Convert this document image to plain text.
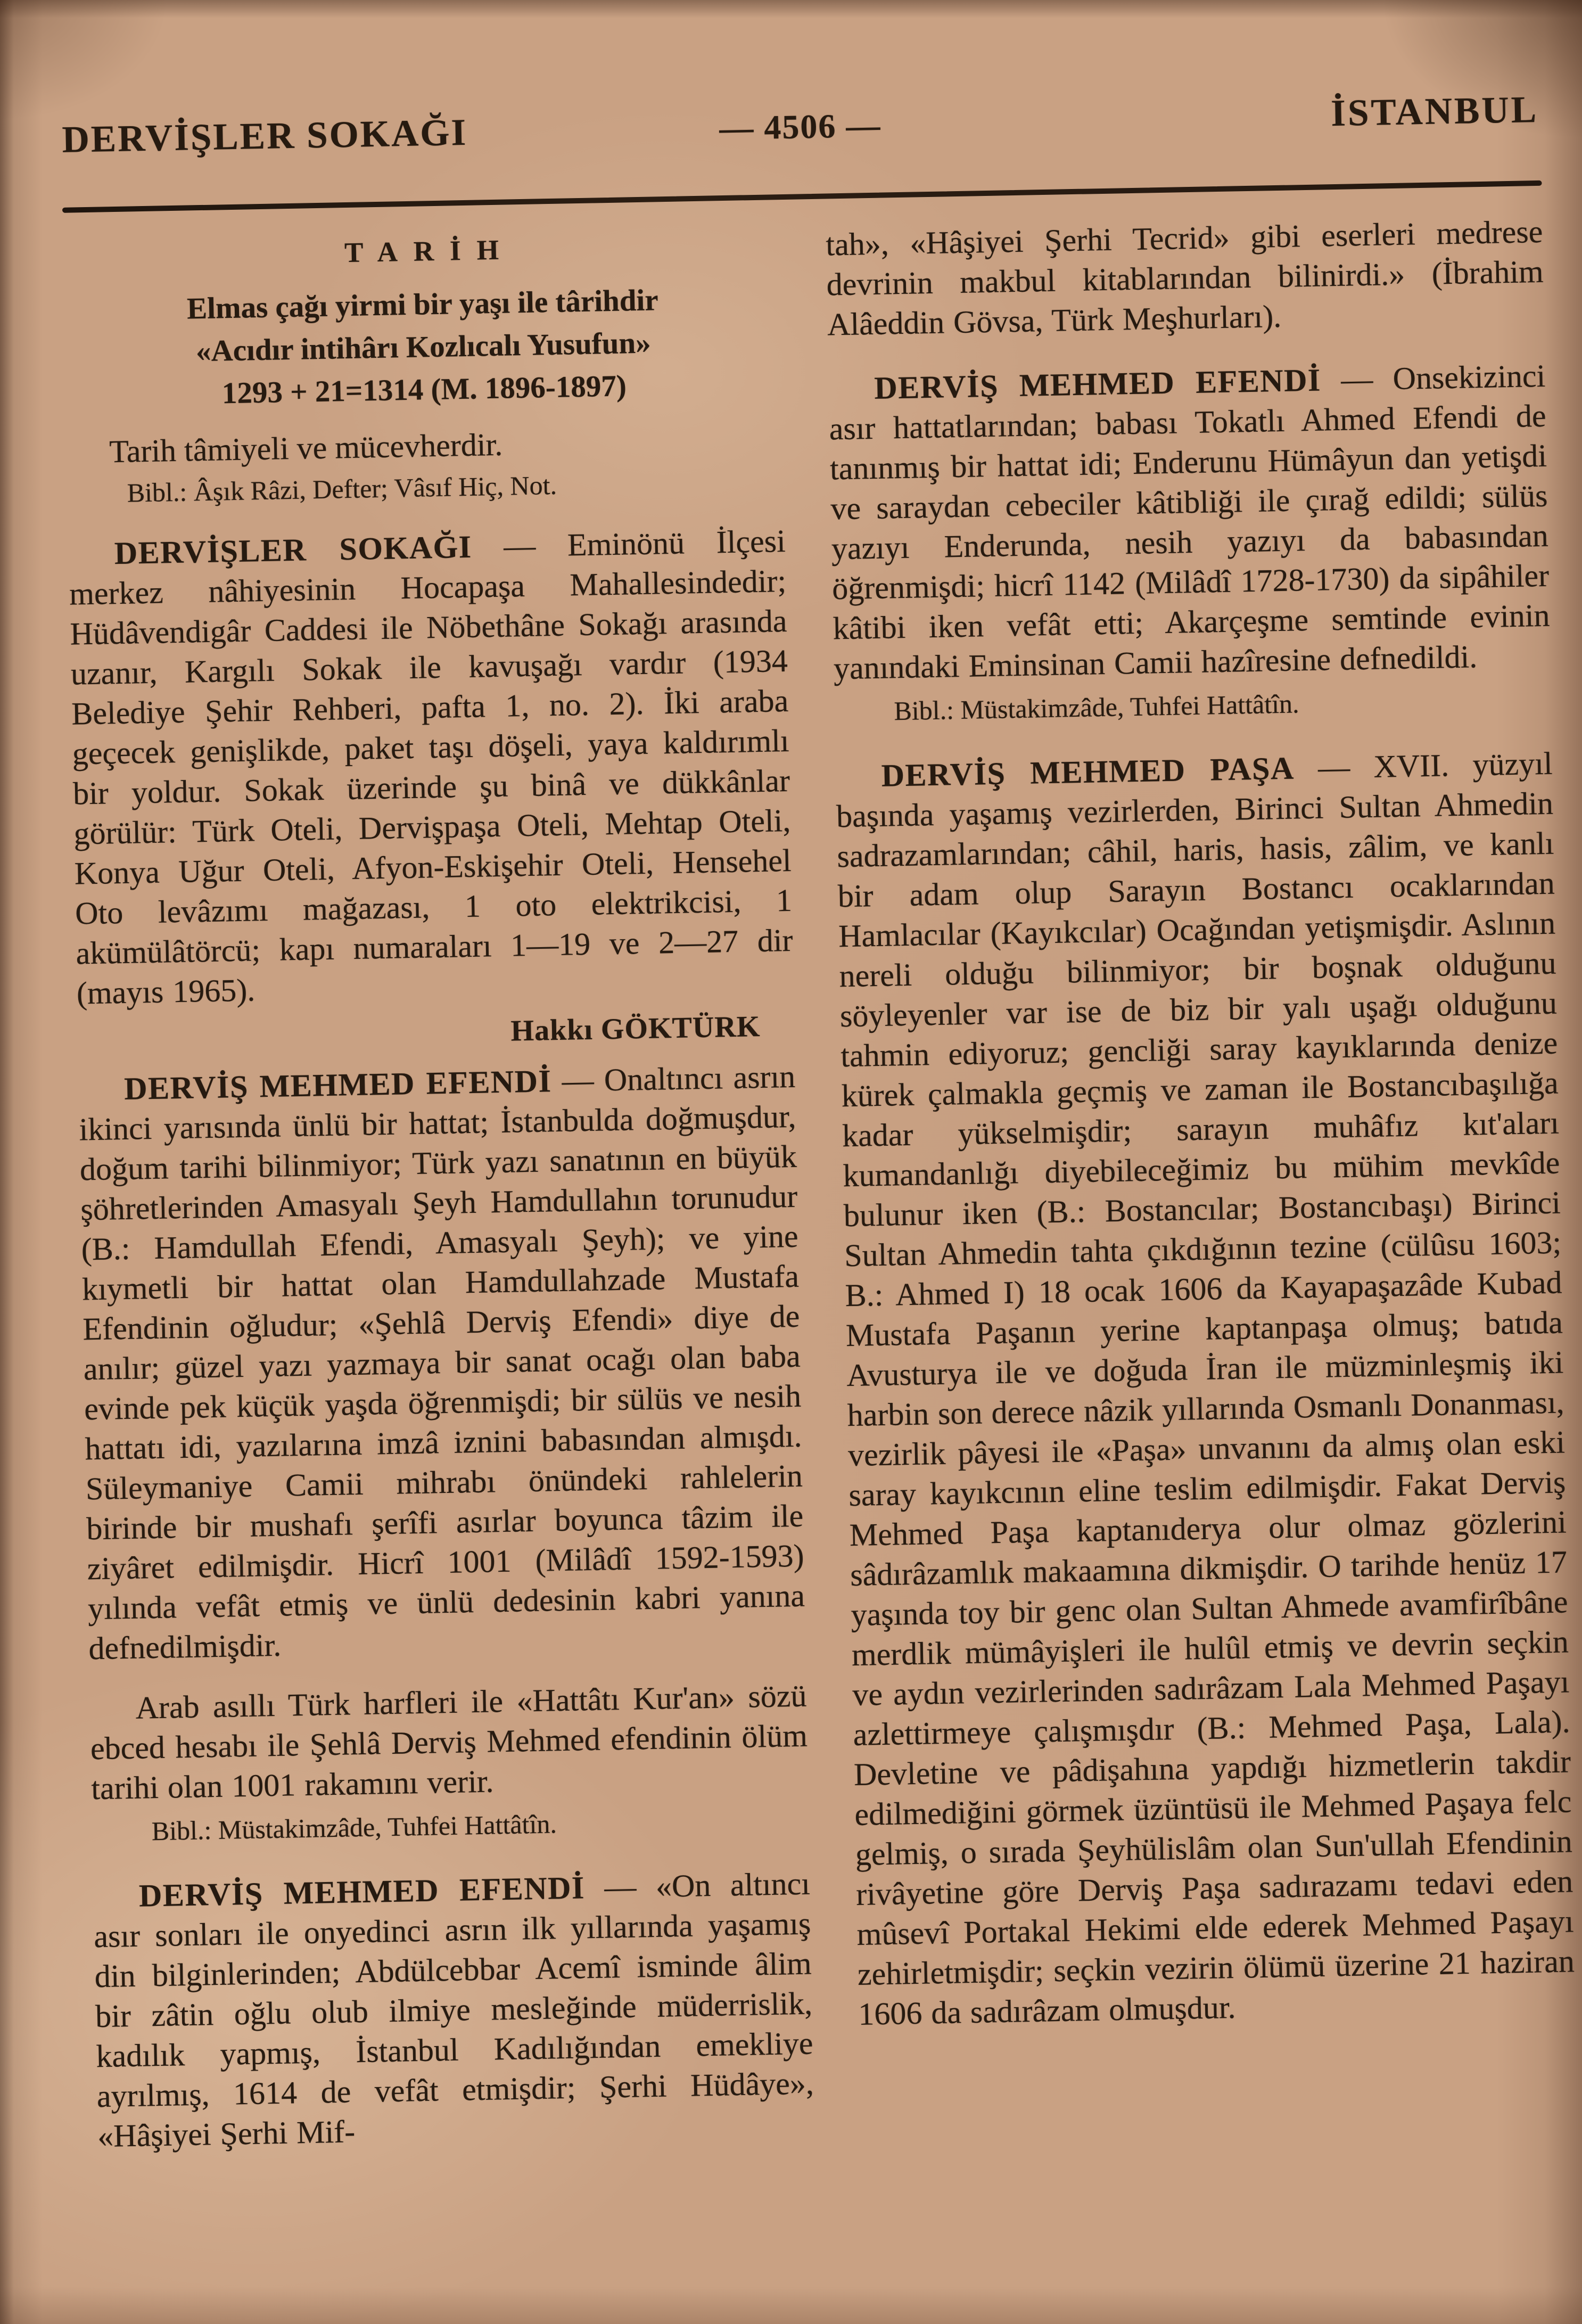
DERVİŞLER SOKAĞI	— 4506 —	İSTANBUL
TARİH
Elmas çağı yirmi bir yaşı ile târihdir
«Acıdır intihârı Kozlıcalı Yusufun»
1293 + 21=1314 (M. 1896-1897)
Tarih tâmiyeli ve mücevherdir.
Bibl.: Âşık Râzi, Defter; Vâsıf Hiç, Not.

DERVİŞLER SOKAĞI — Eminönü İlçesi merkez nâhiyesinin Hocapaşa Mahallesindedir; Hüdâvendigâr Caddesi ile Nöbethâne Sokağı arasında uzanır, Kargılı Sokak ile kavuşağı vardır (1934 Belediye Şehir Rehberi, pafta 1, no. 2). İki araba geçecek genişlikde, paket taşı döşeli, yaya kaldırımlı bir yoldur. Sokak üzerinde şu binâ ve dükkânlar görülür: Türk Oteli, Dervişpaşa Oteli, Mehtap Oteli, Konya Uğur Oteli, Afyon-Eskişehir Oteli, Hensehel Oto levâzımı mağazası, 1 oto elektrikcisi, 1 akümülâtörcü; kapı numaraları 1—19 ve 2—27 dir (mayıs 1965).

Hakkı GÖKTÜRK

DERVİŞ MEHMED EFENDİ — Onaltıncı asrın ikinci yarısında ünlü bir hattat; İstanbulda doğmuşdur, doğum tarihi bilinmiyor; Türk yazı sanatının en büyük şöhretlerinden Amasyalı Şeyh Hamdullahın torunudur (B.: Hamdullah Efendi, Amasyalı Şeyh); ve yine kıymetli bir hattat olan Hamdullahzade Mustafa Efendinin oğludur; «Şehlâ Derviş Efendi» diye de anılır; güzel yazı yazmaya bir sanat ocağı olan baba evinde pek küçük yaşda öğrenmişdi; bir sülüs ve nesih hattatı idi, yazılarına imzâ iznini babasından almışdı. Süleymaniye Camii mihrabı önündeki rahlelerin birinde bir mushafı şerîfi asırlar boyunca tâzim ile ziyâret edilmişdir. Hicrî 1001 (Milâdî 1592-1593) yılında vefât etmiş ve ünlü dedesinin kabri yanına defnedilmişdir.

Arab asıllı Türk harfleri ile «Hattâtı Kur'an» sözü ebced hesabı ile Şehlâ Derviş Mehmed efendinin ölüm tarihi olan 1001 rakamını verir.

Bibl.: Müstakimzâde, Tuhfei Hattâtîn.

DERVİŞ MEHMED EFENDİ — «On altıncı asır sonları ile onyedinci asrın ilk yıllarında yaşamış din bilginlerinden; Abdülcebbar Acemî isminde âlim bir zâtin oğlu olub ilmiye mesleğinde müderrislik, kadılık yapmış, İstanbul Kadılığından emekliye ayrılmış, 1614 de vefât etmişdir; Şerhi Hüdâye», «Hâşiyei Şerhi Mif-

tah», «Hâşiyei Şerhi Tecrid» gibi eserleri medrese devrinin makbul kitablarından bilinirdi.» (İbrahim Alâeddin Gövsa, Türk Meşhurları).

DERVİŞ MEHMED EFENDİ — Onsekizinci asır hattatlarından; babası Tokatlı Ahmed Efendi de tanınmış bir hattat idi; Enderunu Hümâyun dan yetişdi ve saraydan cebeciler kâtibliği ile çırağ edildi; sülüs yazıyı Enderunda, nesih yazıyı da babasından öğrenmişdi; hicrî 1142 (Milâdî 1728-1730) da sipâhiler kâtibi iken vefât etti; Akarçeşme semtinde evinin yanındaki Eminsinan Camii hazîresine defnedildi.

Bibl.: Müstakimzâde, Tuhfei Hattâtîn.

DERVİŞ MEHMED PAŞA — XVII. yüzyıl başında yaşamış vezirlerden, Birinci Sultan Ahmedin sadrazamlarından; câhil, haris, hasis, zâlim, ve kanlı bir adam olup Sarayın Bostancı ocaklarından Hamlacılar (Kayıkcılar) Ocağından yetişmişdir. Aslının nereli olduğu bilinmiyor; bir boşnak olduğunu söyleyenler var ise de biz bir yalı uşağı olduğunu tahmin ediyoruz; gencliği saray kayıklarında denize kürek çalmakla geçmiş ve zaman ile Bostancıbaşılığa kadar yükselmişdir; sarayın muhâfız kıt'aları kumandanlığı diyebileceğimiz bu mühim mevkîde bulunur iken (B.: Bostancılar; Bostancıbaşı) Birinci Sultan Ahmedin tahta çıkdığının tezine (cülûsu 1603; B.: Ahmed I) 18 ocak 1606 da Kayapaşazâde Kubad Mustafa Paşanın yerine kaptanpaşa olmuş; batıda Avusturya ile ve doğuda İran ile müzminleşmiş iki harbin son derece nâzik yıllarında Osmanlı Donanması, vezirlik pâyesi ile «Paşa» unvanını da almış olan eski saray kayıkcının eline teslim edilmişdir. Fakat Derviş Mehmed Paşa kaptanıderya olur olmaz gözlerini sâdırâzamlık makaamına dikmişdir. O tarihde henüz 17 yaşında toy bir genc olan Sultan Ahmede avamfirîbâne merdlik mümâyişleri ile hulûl etmiş ve devrin seçkin ve aydın vezirlerinden sadırâzam Lala Mehmed Paşayı azlettirmeye çalışmışdır (B.: Mehmed Paşa, Lala). Devletine ve pâdişahına yapdığı hizmetlerin takdir edilmediğini görmek üzüntüsü ile Mehmed Paşaya felc gelmiş, o sırada Şeyhülislâm olan Sun'ullah Efendinin rivâyetine göre Derviş Paşa sadırazamı tedavi eden mûsevî Portakal Hekimi elde ederek Mehmed Paşayı zehirletmişdir; seçkin vezirin ölümü üzerine 21 haziran 1606 da sadırâzam olmuşdur.
